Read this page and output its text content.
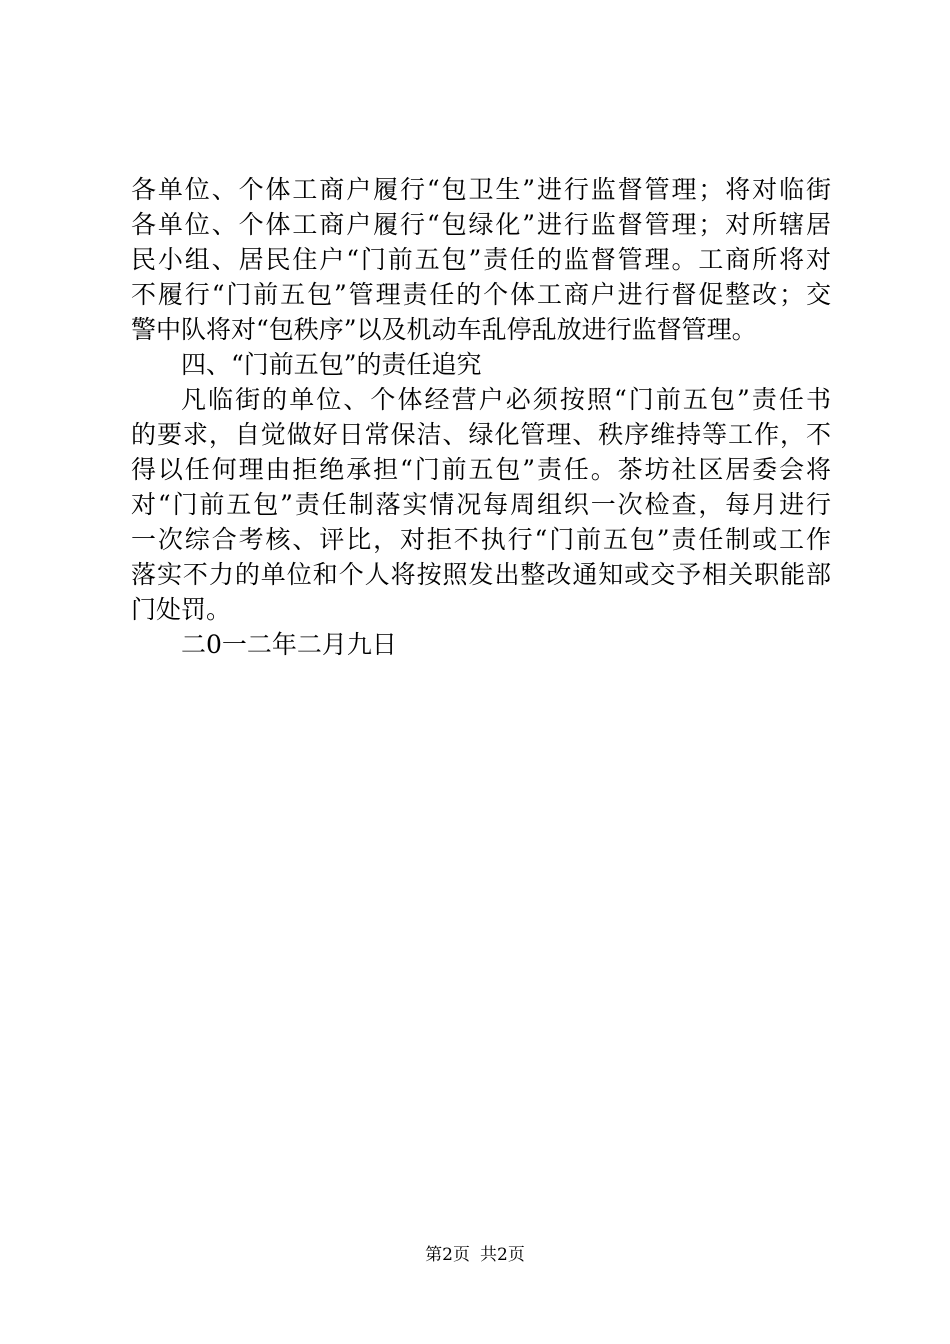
各单位、个体工商户履行“包卫生”进行监督管理；将对临街
各单位、个体工商户履行“包绿化”进行监督管理；对所辖居
民小组、居民住户“门前五包”责任的监督管理。工商所将对
不履行“门前五包”管理责任的个体工商户进行督促整改；交
警中队将对“包秩序”以及机动车乱停乱放进行监督管理。
四、“门前五包”的责任追究
凡临街的单位、个体经营户必须按照“门前五包”责任书
的要求，自觉做好日常保洁、绿化管理、秩序维持等工作，不
得以任何理由拒绝承担“门前五包”责任。茶坊社区居委会将
对“门前五包”责任制落实情况每周组织一次检查，每月进行
一次综合考核、评比，对拒不执行“门前五包”责任制或工作
落实不力的单位和个人将按照发出整改通知或交予相关职能部
门处罚。
二0一二年二月九日
第2页 共2页
